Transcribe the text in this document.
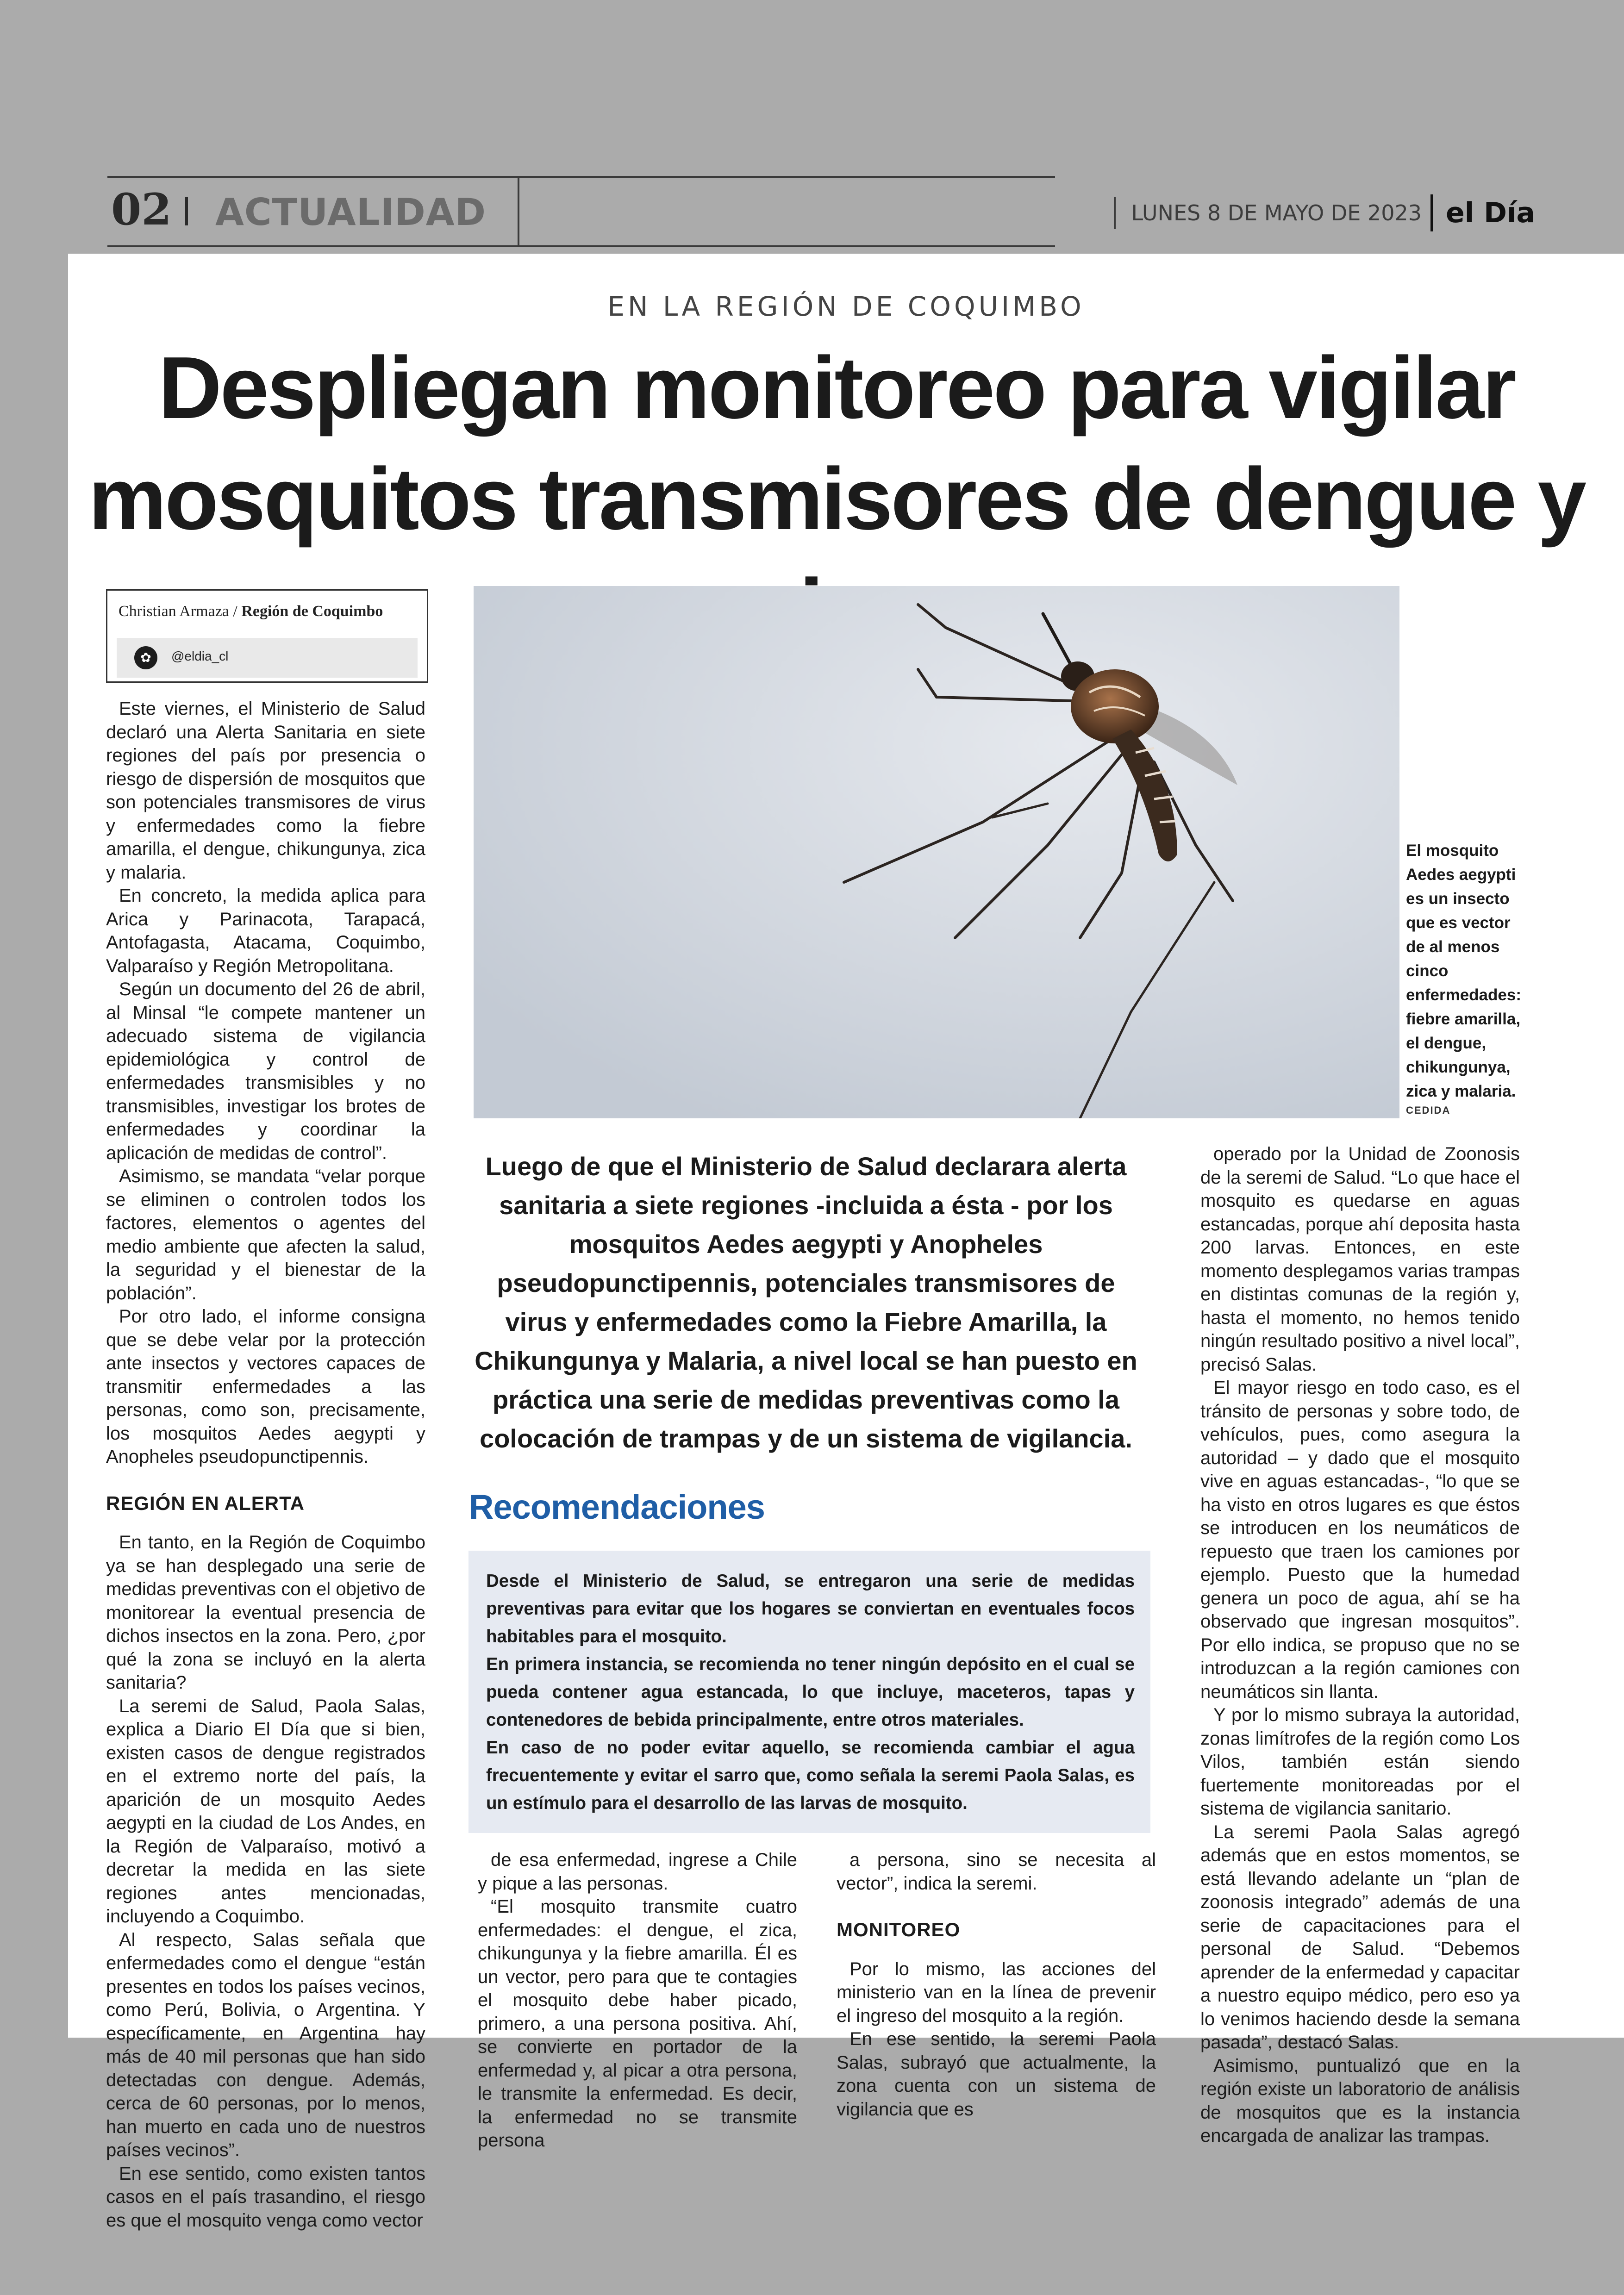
02 ACTUALIDAD	LUNES 8 DE MAYO DE 2023 el Día
EN LA REGIÓN DE COQUIMBO
Despliegan monitoreo para vigilar
mosquitos transmisores de dengue y
Christian Armaza / Región de Coquimbo
✿	@eldia_cl
El mosquito Aedes aegypti es un insecto que es vector de al menos cinco enfermedades: fiebre amarilla, el dengue, chikungunya, zica y malaria.
CEDIDA

Este viernes, el Ministerio de Salud declaró una Alerta Sanitaria en siete regiones del país por presencia o riesgo de dispersión de mosquitos que son potenciales transmisores de virus y enfermedades como la fiebre amarilla, el dengue, chikungunya, zica y malaria.

En concreto, la medida aplica para Arica y Parinacota, Tarapacá, Antofagasta, Atacama, Coquimbo, Valparaíso y Región Metropolitana.

Según un documento del 26 de abril, al Minsal “le compete mantener un adecuado sistema de vigilancia epidemiológica y control de enfermedades transmisibles y no transmisibles, investigar los brotes de enfermedades y coordinar la aplicación de medidas de control”.

Asimismo, se mandata “velar porque se eliminen o controlen todos los factores, elementos o agentes del medio ambiente que afecten la salud, la seguridad y el bienestar de la población”.

Por otro lado, el informe consigna que se debe velar por la protección ante insectos y vectores capaces de transmitir enfermedades a las personas, como son, precisamente, los mosquitos Aedes aegypti y Anopheles pseudopunctipennis.

REGIÓN EN ALERTA

En tanto, en la Región de Coquimbo ya se han desplegado una serie de medidas preventivas con el objetivo de monitorear la eventual presencia de dichos insectos en la zona. Pero, ¿por qué la zona se incluyó en la alerta sanitaria?

La seremi de Salud, Paola Salas, explica a Diario El Día que si bien, existen casos de dengue registrados en el extremo norte del país, la aparición de un mosquito Aedes aegypti en la ciudad de Los Andes, en la Región de Valparaíso, motivó a decretar la medida en las siete regiones antes mencionadas, incluyendo a Coquimbo.

Al respecto, Salas señala que enfermedades como el dengue “están presentes en todos los países vecinos, como Perú, Bolivia, o Argentina. Y específicamente, en Argentina hay más de 40 mil personas que han sido detectadas con dengue. Además, cerca de 60 personas, por lo menos, han muerto en cada uno de nuestros países vecinos”.

En ese sentido, como existen tantos casos en el país trasandino, el riesgo es que el mosquito venga como vector

Luego de que el Ministerio de Salud declarara alerta sanitaria a siete regiones -incluida a ésta - por los mosquitos Aedes aegypti y Anopheles pseudopunctipennis, potenciales transmisores de virus y enfermedades como la Fiebre Amarilla, la Chikungunya y Malaria, a nivel local se han puesto en práctica una serie de medidas preventivas como la colocación de trampas y de un sistema de vigilancia.
Recomendaciones

Desde el Ministerio de Salud, se entregaron una serie de medidas preventivas para evitar que los hogares se conviertan en eventuales focos habitables para el mosquito.

En primera instancia, se recomienda no tener ningún depósito en el cual se pueda contener agua estancada, lo que incluye, maceteros, tapas y contenedores de bebida principalmente, entre otros materiales.

En caso de no poder evitar aquello, se recomienda cambiar el agua frecuentemente y evitar el sarro que, como señala la seremi Paola Salas, es un estímulo para el desarrollo de las larvas de mosquito.

de esa enfermedad, ingrese a Chile y pique a las personas.

“El mosquito transmite cuatro enfermedades: el dengue, el zica, chikungunya y la fiebre amarilla. Él es un vector, pero para que te contagies el mosquito debe haber picado, primero, a una persona positiva. Ahí, se convierte en portador de la enfermedad y, al picar a otra persona, le transmite la enfermedad. Es decir, la enfermedad no se transmite persona

a persona, sino se necesita al vector”, indica la seremi.

MONITOREO

Por lo mismo, las acciones del ministerio van en la línea de prevenir el ingreso del mosquito a la región.

En ese sentido, la seremi Paola Salas, subrayó que actualmente, la zona cuenta con un sistema de vigilancia que es

operado por la Unidad de Zoonosis de la seremi de Salud. “Lo que hace el mosquito es quedarse en aguas estancadas, porque ahí deposita hasta 200 larvas. Entonces, en este momento desplegamos varias trampas en distintas comunas de la región y, hasta el momento, no hemos tenido ningún resultado positivo a nivel local”, precisó Salas.

El mayor riesgo en todo caso, es el tránsito de personas y sobre todo, de vehículos, pues, como asegura la autoridad – y dado que el mosquito vive en aguas estancadas-, “lo que se ha visto en otros lugares es que éstos se introducen en los neumáticos de repuesto que traen los camiones por ejemplo. Puesto que la humedad genera un poco de agua, ahí se ha observado que ingresan mosquitos”. Por ello indica, se propuso que no se introduzcan a la región camiones con neumáticos sin llanta.

Y por lo mismo subraya la autoridad, zonas limítrofes de la región como Los Vilos, también están siendo fuertemente monitoreadas por el sistema de vigilancia sanitario.

La seremi Paola Salas agregó además que en estos momentos, se está llevando adelante un “plan de zoonosis integrado” además de una serie de capacitaciones para el personal de Salud. “Debemos aprender de la enfermedad y capacitar a nuestro equipo médico, pero eso ya lo venimos haciendo desde la semana pasada”, destacó Salas.

Asimismo, puntualizó que en la región existe un laboratorio de análisis de mosquitos que es la instancia encargada de analizar las trampas.
